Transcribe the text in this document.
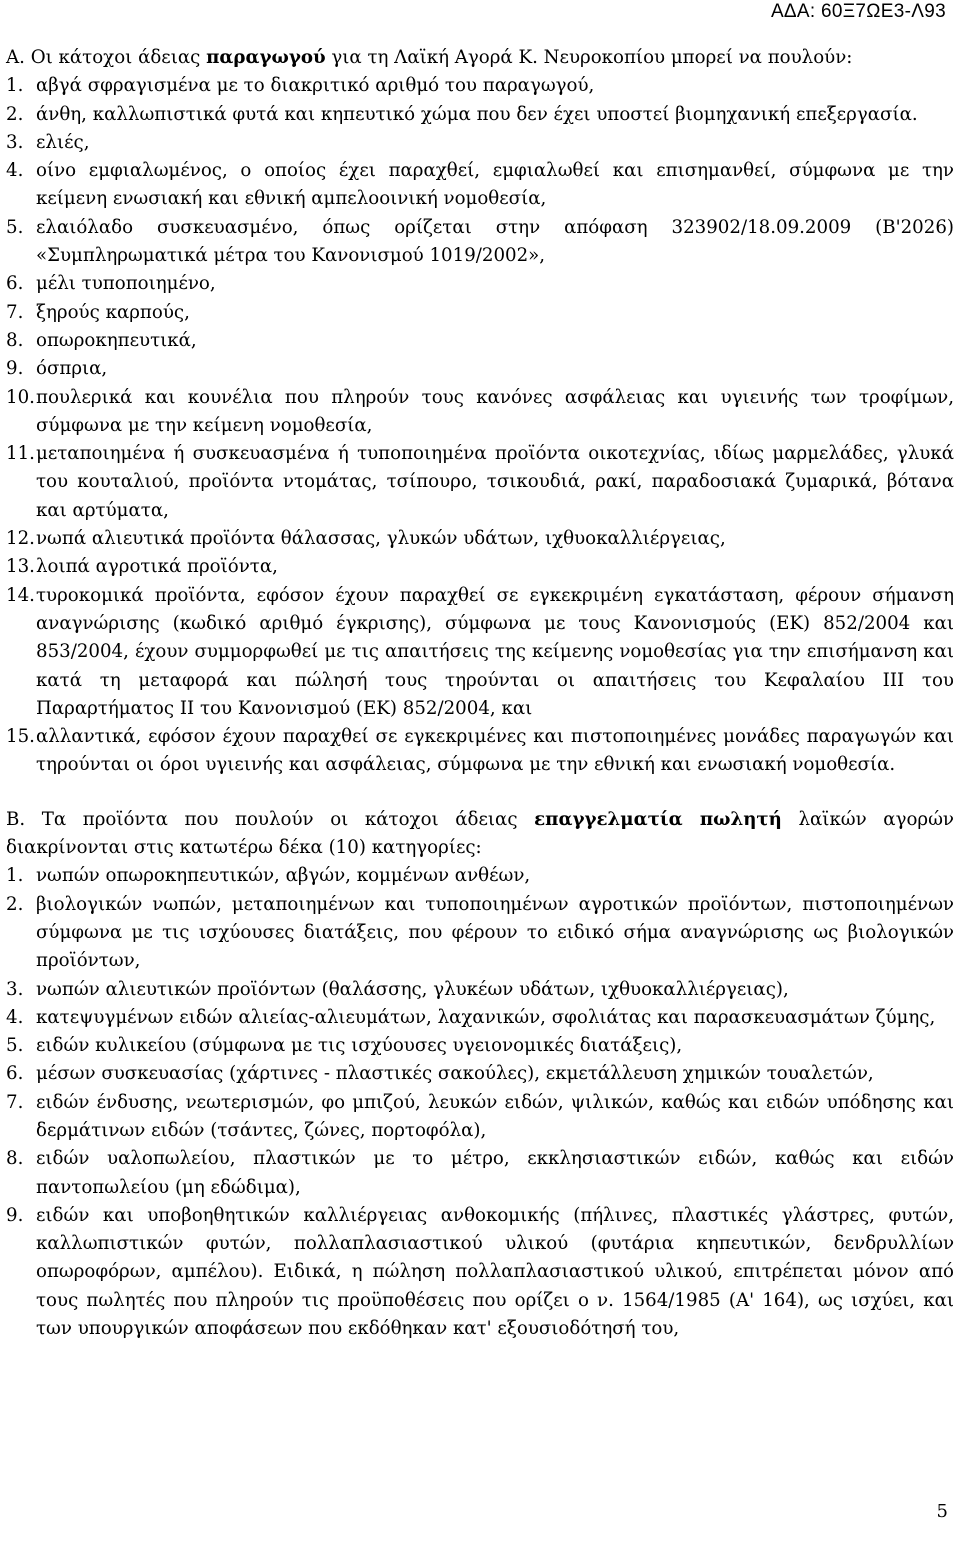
ΑΔΑ: 60Ξ7ΩΕ3-Λ93

Α. Οι κάτοχοι άδειας παραγωγού για τη Λαϊκή Αγορά Κ. Νευροκοπίου μπορεί να πουλούν:

1. αβγά σφραγισμένα με το διακριτικό αριθμό του παραγωγού,
2. άνθη, καλλωπιστικά φυτά και κηπευτικό χώμα που δεν έχει υποστεί βιομηχανική επεξεργασία.
3. ελιές,
4. οίνο εμφιαλωμένος, ο οποίος έχει παραχθεί, εμφιαλωθεί και επισημανθεί, σύμφωνα με την κείμενη ενωσιακή και εθνική αμπελοοινική νομοθεσία,
5. ελαιόλαδο συσκευασμένο, όπως ορίζεται στην απόφαση 323902/18.09.2009 (Β'2026) «Συμπληρωματικά μέτρα του Κανονισμού 1019/2002»,
6. μέλι τυποποιημένο,
7. ξηρούς καρπούς,
8. οπωροκηπευτικά,
9. όσπρια,
10. πουλερικά και κουνέλια που πληρούν τους κανόνες ασφάλειας και υγιεινής των τροφίμων, σύμφωνα με την κείμενη νομοθεσία,
11. μεταποιημένα ή συσκευασμένα ή τυποποιημένα προϊόντα οικοτεχνίας, ιδίως μαρμελάδες, γλυκά του κουταλιού, προϊόντα ντομάτας, τσίπουρο, τσικουδιά, ρακί, παραδοσιακά ζυμαρικά, βότανα και αρτύματα,
12. νωπά αλιευτικά προϊόντα θάλασσας, γλυκών υδάτων, ιχθυοκαλλιέργειας,
13. λοιπά αγροτικά προϊόντα,
14. τυροκομικά προϊόντα, εφόσον έχουν παραχθεί σε εγκεκριμένη εγκατάσταση, φέρουν σήμανση αναγνώρισης (κωδικό αριθμό έγκρισης), σύμφωνα με τους Κανονισμούς (ΕΚ) 852/2004 και 853/2004, έχουν συμμορφωθεί με τις απαιτήσεις της κείμενης νομοθεσίας για την επισήμανση και κατά τη μεταφορά και πώλησή τους τηρούνται οι απαιτήσεις του Κεφαλαίου ΙΙΙ του Παραρτήματος ΙΙ του Κανονισμού (ΕΚ) 852/2004, και
15. αλλαντικά, εφόσον έχουν παραχθεί σε εγκεκριμένες και πιστοποιημένες μονάδες παραγωγών και τηρούνται οι όροι υγιεινής και ασφάλειας, σύμφωνα με την εθνική και ενωσιακή νομοθεσία.

Β. Τα προϊόντα που πουλούν οι κάτοχοι άδειας επαγγελματία πωλητή λαϊκών αγορών διακρίνονται στις κατωτέρω δέκα (10) κατηγορίες:

1. νωπών οπωροκηπευτικών, αβγών, κομμένων ανθέων,
2. βιολογικών νωπών, μεταποιημένων και τυποποιημένων αγροτικών προϊόντων, πιστοποιημένων σύμφωνα με τις ισχύουσες διατάξεις, που φέρουν το ειδικό σήμα αναγνώρισης ως βιολογικών προϊόντων,
3. νωπών αλιευτικών προϊόντων (θαλάσσης, γλυκέων υδάτων, ιχθυοκαλλιέργειας),
4. κατεψυγμένων ειδών αλιείας-αλιευμάτων, λαχανικών, σφολιάτας και παρασκευασμάτων ζύμης,
5. ειδών κυλικείου (σύμφωνα με τις ισχύουσες υγειονομικές διατάξεις),
6. μέσων συσκευασίας (χάρτινες - πλαστικές σακούλες), εκμετάλλευση χημικών τουαλετών,
7. ειδών ένδυσης, νεωτερισμών, φο μπιζού, λευκών ειδών, ψιλικών, καθώς και ειδών υπόδησης και δερμάτινων ειδών (τσάντες, ζώνες, πορτοφόλα),
8. ειδών υαλοπωλείου, πλαστικών με το μέτρο, εκκλησιαστικών ειδών, καθώς και ειδών παντοπωλείου (μη εδώδιμα),
9. ειδών και υποβοηθητικών καλλιέργειας ανθοκομικής (πήλινες, πλαστικές γλάστρες, φυτών, καλλωπιστικών φυτών, πολλαπλασιαστικού υλικού (φυτάρια κηπευτικών, δενδρυλλίων οπωροφόρων, αμπέλου). Ειδικά, η πώληση πολλαπλασιαστικού υλικού, επιτρέπεται μόνον από τους πωλητές που πληρούν τις προϋποθέσεις που ορίζει ο ν. 1564/1985 (Α' 164), ως ισχύει, και των υπουργικών αποφάσεων που εκδόθηκαν κατ' εξουσιοδότησή του,
5
